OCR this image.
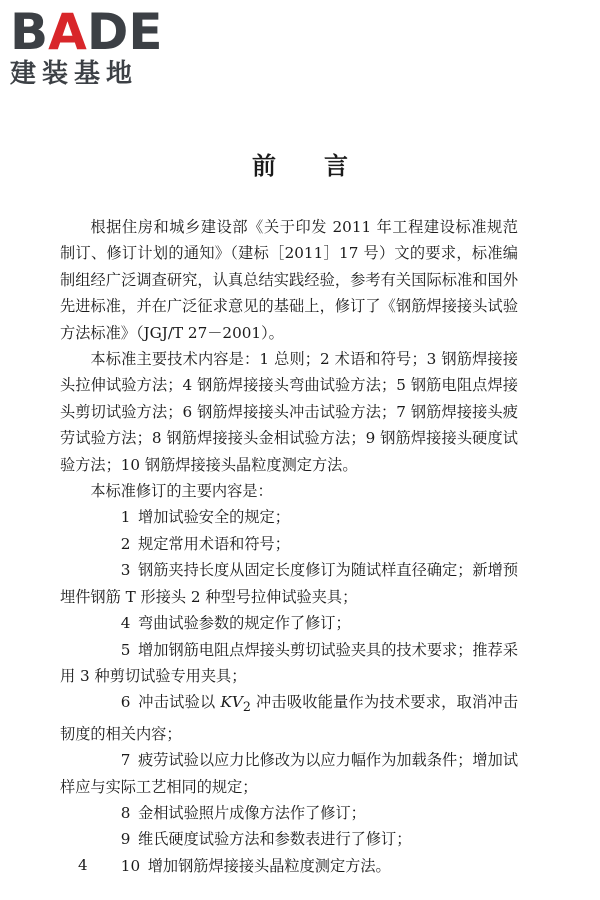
BADE
建装基地
前言

根据住房和城乡建设部《关于印发 2011 年工程建设标准规范制订、修订计划的通知》（建标［2011］17 号）文的要求，标准编制组经广泛调查研究，认真总结实践经验，参考有关国际标准和国外先进标准，并在广泛征求意见的基础上，修订了《钢筋焊接接头试验方法标准》（JGJ/T 27－2001）。

本标准主要技术内容是：1 总则；2 术语和符号；3 钢筋焊接接头拉伸试验方法；4 钢筋焊接接头弯曲试验方法；5 钢筋电阻点焊接头剪切试验方法；6 钢筋焊接接头冲击试验方法；7 钢筋焊接接头疲劳试验方法；8 钢筋焊接接头金相试验方法；9 钢筋焊接接头硬度试验方法；10 钢筋焊接接头晶粒度测定方法。

本标准修订的主要内容是：

1 增加试验安全的规定；

2 规定常用术语和符号；

3 钢筋夹持长度从固定长度修订为随试样直径确定；新增预埋件钢筋 T 形接头 2 种型号拉伸试验夹具；

4 弯曲试验参数的规定作了修订；

5 增加钢筋电阻点焊接头剪切试验夹具的技术要求；推荐采用 3 种剪切试验专用夹具；

6 冲击试验以 $KV_2$ 冲击吸收能量作为技术要求，取消冲击韧度的相关内容；

7 疲劳试验以应力比修改为以应力幅作为加载条件；增加试样应与实际工艺相同的规定；

8 金相试验照片成像方法作了修订；

9 维氏硬度试验方法和参数表进行了修订；

10 增加钢筋焊接接头晶粒度测定方法。

4
